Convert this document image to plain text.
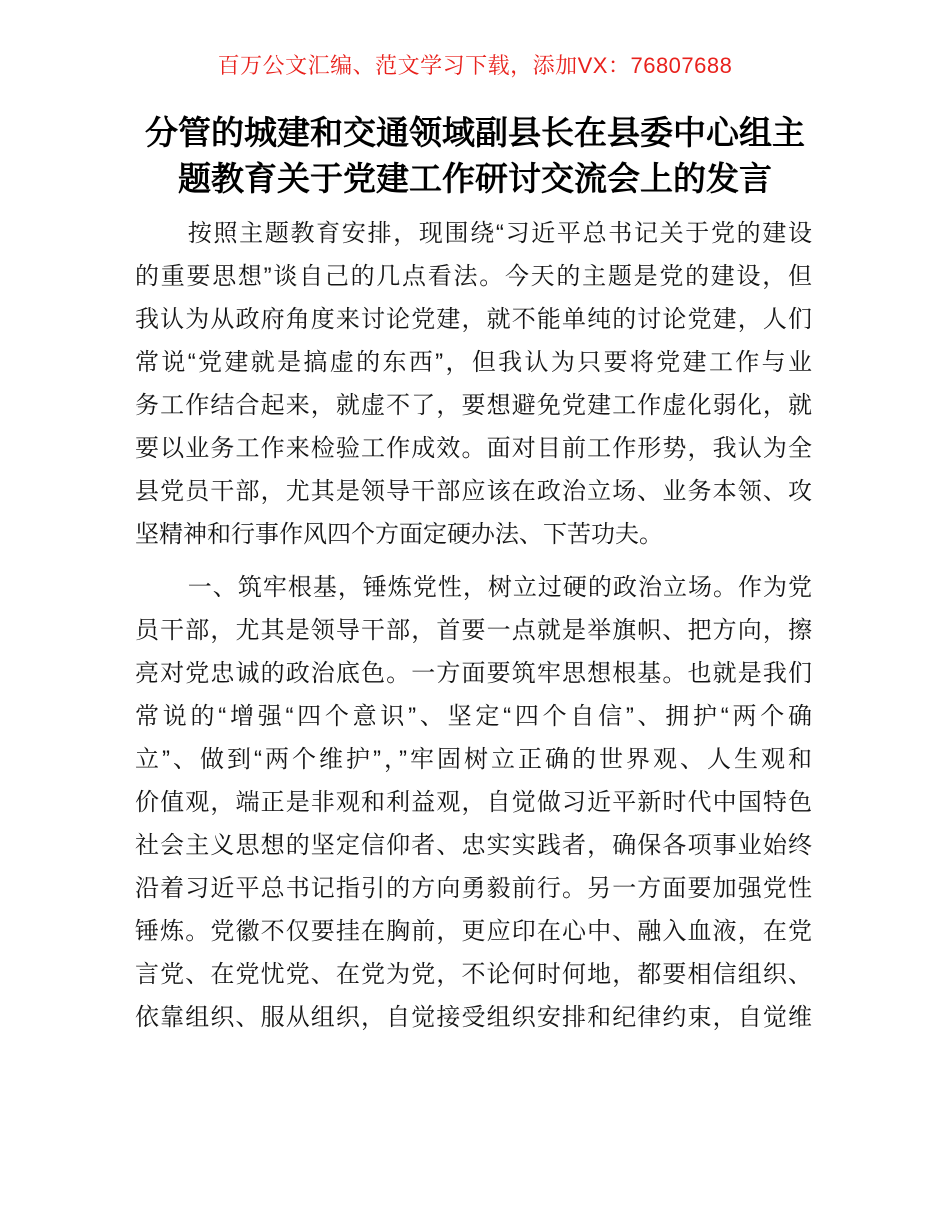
百万公文汇编、范文学习下载，添加VX：76807688
分管的城建和交通领域副县长在县委中心组主
题教育关于党建工作研讨交流会上的发言
按照主题教育安排，现围绕“习近平总书记关于党的建设
的重要思想”谈自己的几点看法。今天的主题是党的建设，但
我认为从政府角度来讨论党建，就不能单纯的讨论党建，人们
常说“党建就是搞虚的东西”，但我认为只要将党建工作与业
务工作结合起来，就虚不了，要想避免党建工作虚化弱化，就
要以业务工作来检验工作成效。面对目前工作形势，我认为全
县党员干部，尤其是领导干部应该在政治立场、业务本领、攻
坚精神和行事作风四个方面定硬办法、下苦功夫。
一、筑牢根基，锤炼党性，树立过硬的政治立场。作为党
员干部，尤其是领导干部，首要一点就是举旗帜、把方向，擦
亮对党忠诚的政治底色。一方面要筑牢思想根基。也就是我们
常说的“增强“四个意识”、坚定“四个自信”、拥护“两个确
立”、做到“两个维护”，”牢固树立正确的世界观、人生观和
价值观，端正是非观和利益观，自觉做习近平新时代中国特色
社会主义思想的坚定信仰者、忠实实践者，确保各项事业始终
沿着习近平总书记指引的方向勇毅前行。另一方面要加强党性
锤炼。党徽不仅要挂在胸前，更应印在心中、融入血液，在党
言党、在党忧党、在党为党，不论何时何地，都要相信组织、
依靠组织、服从组织，自觉接受组织安排和纪律约束，自觉维
